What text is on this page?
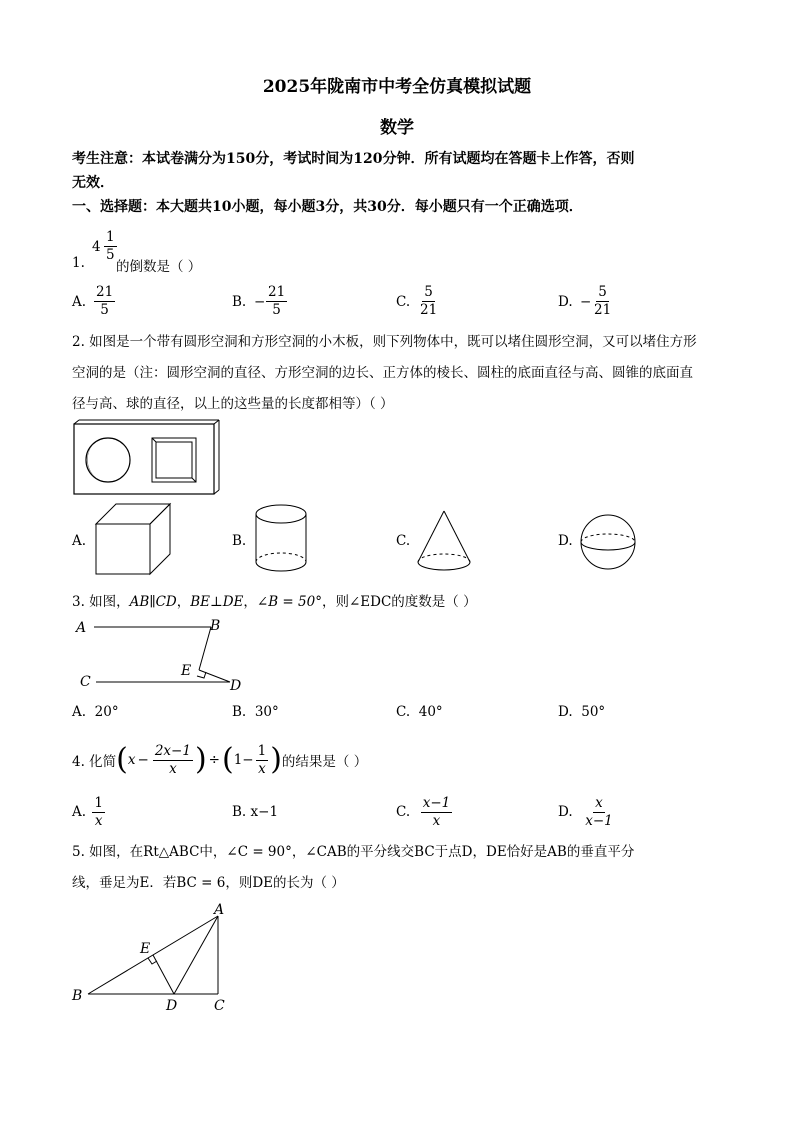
2025年陇南市中考全仿真模拟试题
数学
考生注意：本试卷满分为150分，考试时间为120分钟．所有试题均在答题卡上作答，否则
无效．
一、选择题：本大题共10小题，每小题3分，共30分．每小题只有一个正确选项．
1.
$4 \frac{1}{5}$
的倒数是（ ）
A. $\frac{21}{5}$	B. − $\frac{21}{5}$	C. $\frac{5}{21}$	D. − $\frac{5}{21}$
2. 如图是一个带有圆形空洞和方形空洞的小木板，则下列物体中，既可以堵住圆形空洞，又可以堵住方形
空洞的是（注：圆形空洞的直径、方形空洞的边长、正方体的棱长、圆柱的底面直径与高、圆锥的底面直
径与高、球的直径，以上的这些量的长度都相等）（ ）
A.	B.	C.	D.
3. 如图，AB∥CD，BE⊥DE，∠B = 50°，则∠EDC的度数是（ ）
A	B
C	D
E
A. 20°	B. 30°	C. 40°	D. 50°
4. 化简 ( $x - \frac{2x-1}{x}$ ) ÷ ( $1- \frac{1}{x}$ ) 的结果是（ ）
A.
$\frac{1}{x}$	B.
x−1	C.
$\frac{x-1}{x}$	D.
$\frac{x}{x-1}$
5. 如图，在Rt△ABC中，∠C = 90°，∠CAB的平分线交BC于点D，DE恰好是AB的垂直平分
线，垂足为E．若BC = 6，则DE的长为（ ）
A
B
C
D
E
